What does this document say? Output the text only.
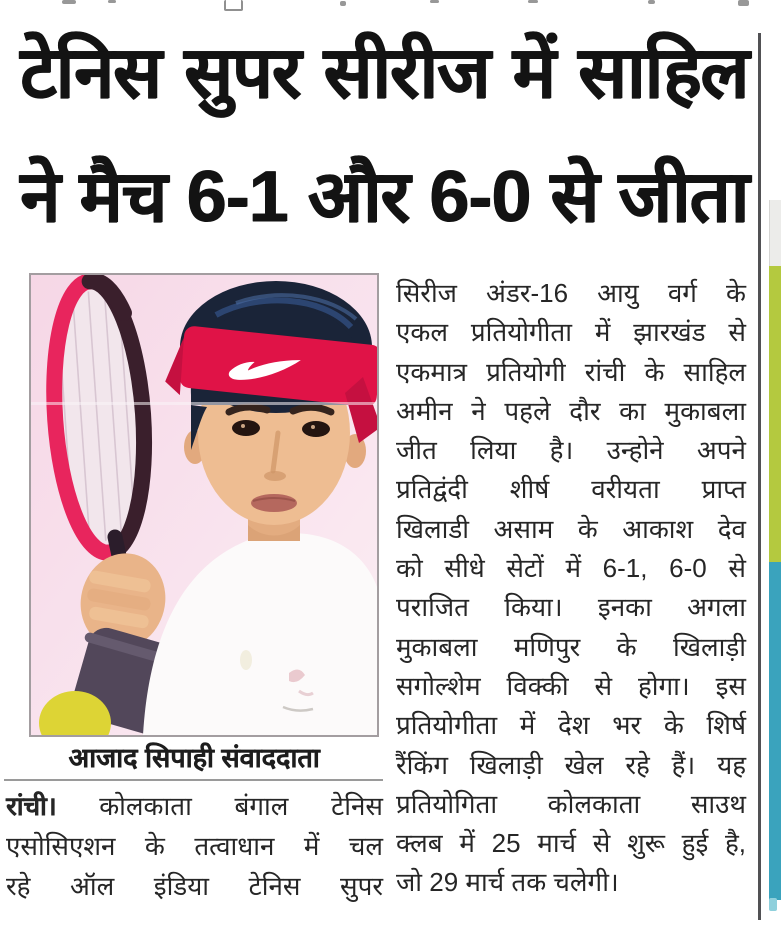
टेनिस सुपर सीरीज में साहिल
ने मैच 6-1 और 6-0 से जीता
आजाद सिपाही संवाददाता
रांची। कोलकाता बंगाल टेनिस
एसोसिएशन के तत्वाधान में चल
रहे ऑल इंडिया टेनिस सुपर
सिरीज अंडर-16 आयु वर्ग के
एकल प्रतियोगीता में झारखंड से
एकमात्र प्रतियोगी रांची के साहिल
अमीन ने पहले दौर का मुकाबला
जीत लिया है। उन्होने अपने
प्रतिद्वंदी शीर्ष वरीयता प्राप्त
खिलाडी असाम के आकाश देव
को सीधे सेटों में 6-1, 6-0 से
पराजित किया। इनका अगला
मुकाबला मणिपुर के खिलाड़ी
सगोल्शेम विक्की से होगा। इस
प्रतियोगीता में देश भर के शिर्ष
रैंकिंग खिलाड़ी खेल रहे हैं। यह
प्रतियोगिता कोलकाता साउथ
क्लब में 25 मार्च से शुरू हुई है,
जो 29 मार्च तक चलेगी।
